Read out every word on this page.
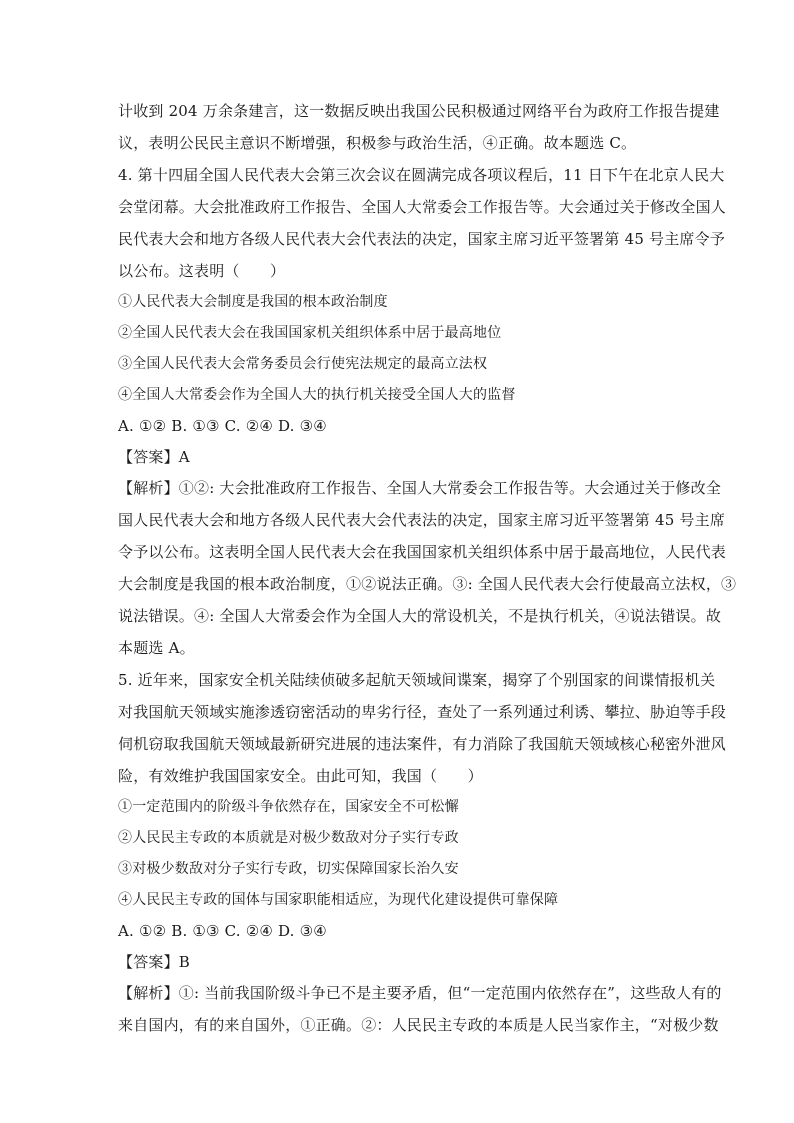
计收到 204 万余条建言，这一数据反映出我国公民积极通过网络平台为政府工作报告提建
议，表明公民民主意识不断增强，积极参与政治生活，④正确。故本题选 C。
4. 第十四届全国人民代表大会第三次会议在圆满完成各项议程后，11 日下午在北京人民大
会堂闭幕。大会批准政府工作报告、全国人大常委会工作报告等。大会通过关于修改全国人
民代表大会和地方各级人民代表大会代表法的决定，国家主席习近平签署第 45 号主席令予
以公布。这表明（　　）
①人民代表大会制度是我国的根本政治制度
②全国人民代表大会在我国国家机关组织体系中居于最高地位
③全国人民代表大会常务委员会行使宪法规定的最高立法权
④全国人大常委会作为全国人大的执行机关接受全国人大的监督
A. ①② B. ①③ C. ②④ D. ③④
【答案】A
【解析】①②: 大会批准政府工作报告、全国人大常委会工作报告等。大会通过关于修改全
国人民代表大会和地方各级人民代表大会代表法的决定，国家主席习近平签署第 45 号主席
令予以公布。这表明全国人民代表大会在我国国家机关组织体系中居于最高地位，人民代表
大会制度是我国的根本政治制度，①②说法正确。③: 全国人民代表大会行使最高立法权，③
说法错误。④: 全国人大常委会作为全国人大的常设机关，不是执行机关，④说法错误。故
本题选 A。
5. 近年来，国家安全机关陆续侦破多起航天领域间谍案，揭穿了个别国家的间谍情报机关
对我国航天领域实施渗透窃密活动的卑劣行径，查处了一系列通过利诱、攀拉、胁迫等手段
伺机窃取我国航天领域最新研究进展的违法案件，有力消除了我国航天领域核心秘密外泄风
险，有效维护我国国家安全。由此可知，我国（　　）
①一定范围内的阶级斗争依然存在，国家安全不可松懈
②人民民主专政的本质就是对极少数敌对分子实行专政
③对极少数敌对分子实行专政，切实保障国家长治久安
④人民民主专政的国体与国家职能相适应，为现代化建设提供可靠保障
A. ①② B. ①③ C. ②④ D. ③④
【答案】B
【解析】①: 当前我国阶级斗争已不是主要矛盾，但“一定范围内依然存在”，这些敌人有的
来自国内，有的来自国外，①正确。②：人民民主专政的本质是人民当家作主，“对极少数
